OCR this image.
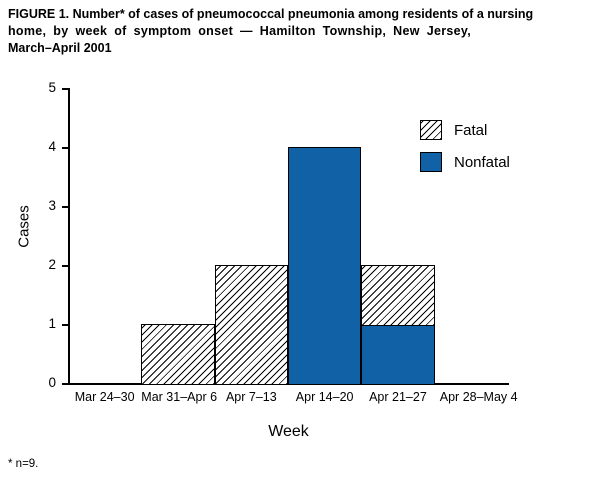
FIGURE 1. Number* of cases of pneumococcal pneumonia among residents of a nursing
home, by week of symptom onset — Hamilton Township, New Jersey,
March–April 2001
0
1
2
3
4
5
Cases
Mar 24–30 Mar 31–Apr 6 Apr 7–13	Apr 14–20	Apr 21–27	Apr 28–May 4
Week
Fatal
Nonfatal
* n=9.
